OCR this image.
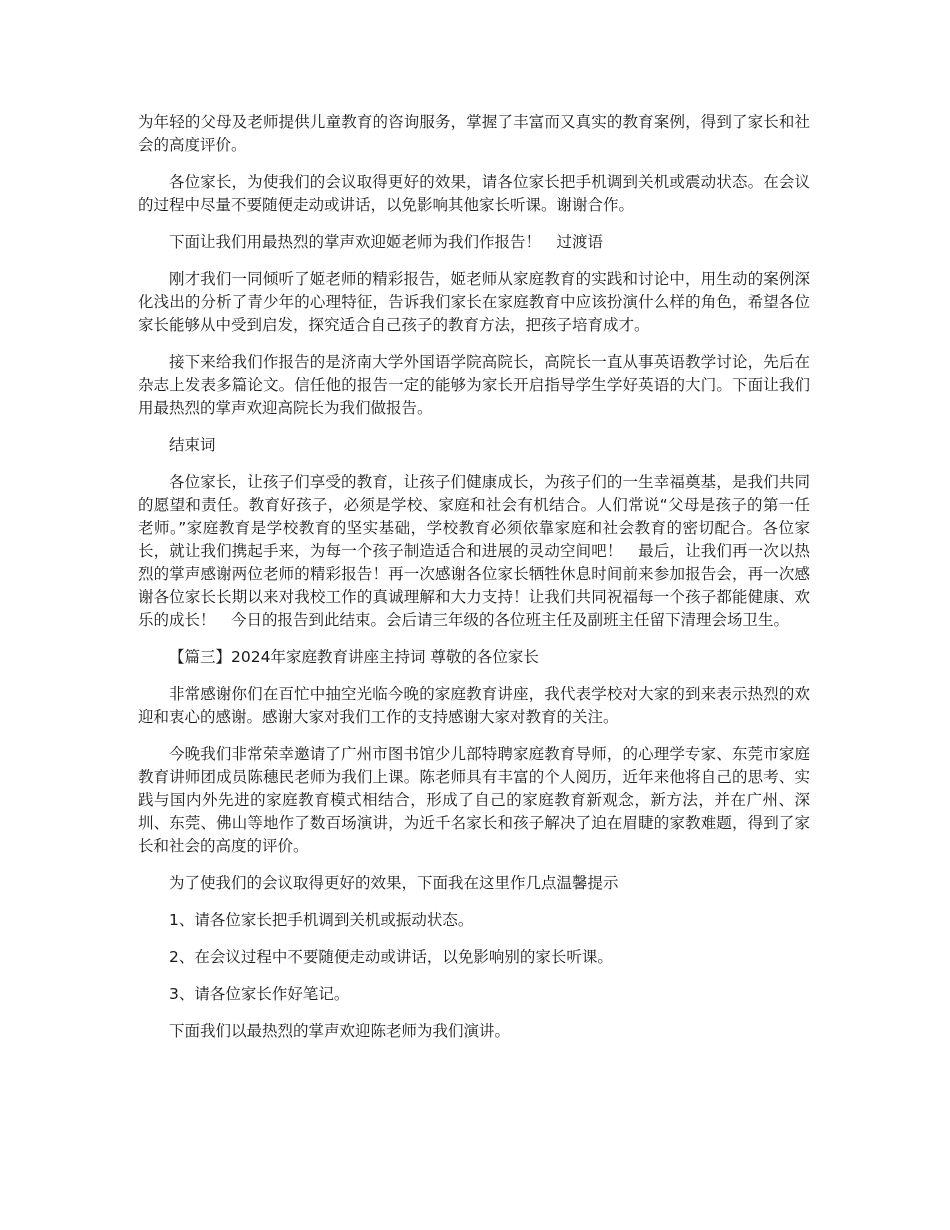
为年轻的父母及老师提供儿童教育的咨询服务，掌握了丰富而又真实的教育案例，得到了家长和社会的高度评价。

各位家长，为使我们的会议取得更好的效果，请各位家长把手机调到关机或震动状态。在会议的过程中尽量不要随便走动或讲话，以免影响其他家长听课。谢谢合作。

下面让我们用最热烈的掌声欢迎姬老师为我们作报告！　过渡语

刚才我们一同倾听了姬老师的精彩报告，姬老师从家庭教育的实践和讨论中，用生动的案例深化浅出的分析了青少年的心理特征，告诉我们家长在家庭教育中应该扮演什么样的角色，希望各位家长能够从中受到启发，探究适合自己孩子的教育方法，把孩子培育成才。

接下来给我们作报告的是济南大学外国语学院高院长，高院长一直从事英语教学讨论，先后在杂志上发表多篇论文。信任他的报告一定的能够为家长开启指导学生学好英语的大门。下面让我们用最热烈的掌声欢迎高院长为我们做报告。

结束词

各位家长，让孩子们享受的教育，让孩子们健康成长，为孩子们的一生幸福奠基，是我们共同的愿望和责任。教育好孩子，必须是学校、家庭和社会有机结合。人们常说“父母是孩子的第一任老师。”家庭教育是学校教育的坚实基础，学校教育必须依靠家庭和社会教育的密切配合。各位家长，就让我们携起手来，为每一个孩子制造适合和进展的灵动空间吧！　最后，让我们再一次以热烈的掌声感谢两位老师的精彩报告！再一次感谢各位家长牺牲休息时间前来参加报告会，再一次感谢各位家长长期以来对我校工作的真诚理解和大力支持！让我们共同祝福每一个孩子都能健康、欢乐的成长！　今日的报告到此结束。会后请三年级的各位班主任及副班主任留下清理会场卫生。

【篇三】2024年家庭教育讲座主持词 尊敬的各位家长

非常感谢你们在百忙中抽空光临今晚的家庭教育讲座，我代表学校对大家的到来表示热烈的欢迎和衷心的感谢。感谢大家对我们工作的支持感谢大家对教育的关注。

今晚我们非常荣幸邀请了广州市图书馆少儿部特聘家庭教育导师，的心理学专家、东莞市家庭教育讲师团成员陈穗民老师为我们上课。陈老师具有丰富的个人阅历，近年来他将自己的思考、实践与国内外先进的家庭教育模式相结合，形成了自己的家庭教育新观念，新方法，并在广州、深圳、东莞、佛山等地作了数百场演讲，为近千名家长和孩子解决了迫在眉睫的家教难题，得到了家长和社会的高度的评价。

为了使我们的会议取得更好的效果，下面我在这里作几点温馨提示

1、请各位家长把手机调到关机或振动状态。

2、在会议过程中不要随便走动或讲话，以免影响别的家长听课。

3、请各位家长作好笔记。

下面我们以最热烈的掌声欢迎陈老师为我们演讲。
